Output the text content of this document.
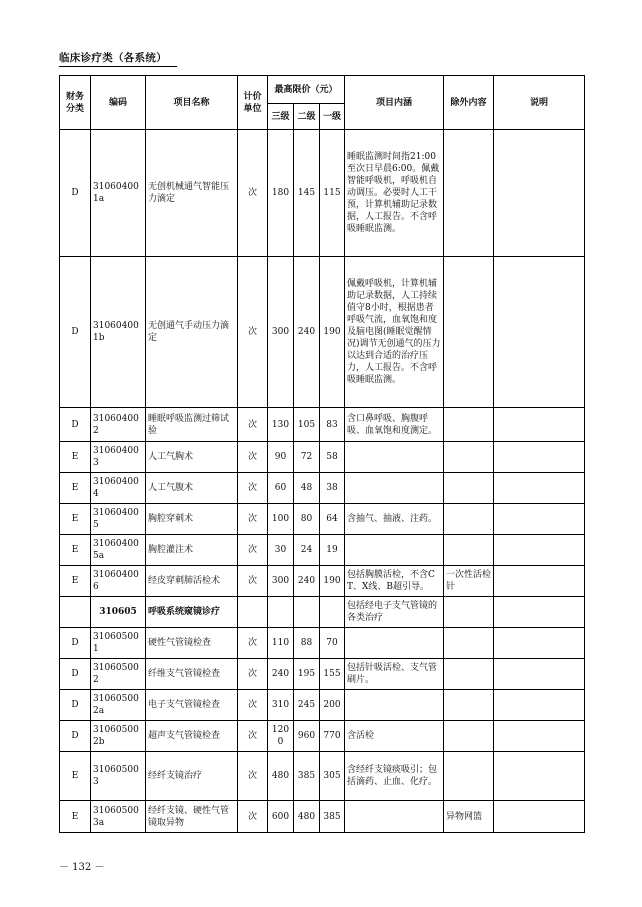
临床诊疗类（各系统）
财务分类	编码	项目名称	计价单位	最高限价（元）			项目内涵	除外内容	说明
				三级	二级	一级			
D	310604001a	无创机械通气智能压力滴定	次	180	145	115	睡眠监测时间指21:00至次日早晨6:00。佩戴智能呼吸机，呼吸机自动调压。必要时人工干预，计算机辅助记录数据，人工报告。不含呼吸睡眠监测。		
D	310604001b	无创通气手动压力滴定	次	300	240	190	佩戴呼吸机，计算机辅助记录数据，人工持续值守8小时，根据患者呼吸气流，血氧饱和度及脑电图(睡眠觉醒情况)调节无创通气的压力以达到合适的治疗压力，人工报告。不含呼吸睡眠监测。		
D	310604002	睡眠呼吸监测过筛试验	次	130	105	83	含口鼻呼吸、胸腹呼吸、血氧饱和度测定。		
E	310604003	人工气胸术	次	90	72	58			
E	310604004	人工气腹术	次	60	48	38			
E	310604005	胸腔穿刺术	次	100	80	64	含抽气、抽液、注药。		
E	310604005a	胸腔灌注术	次	30	24	19			
E	310604006	经皮穿刺肺活检术	次	300	240	190	包括胸膜活检，不含CT、X线、B超引导。	一次性活检针	
	310605	呼吸系统窥镜诊疗					包括经电子支气管镜的各类治疗		
D	310605001	硬性气管镜检查	次	110	88	70			
D	310605002	纤维支气管镜检查	次	240	195	155	包括针吸活检、支气管刷片。		
D	310605002a	电子支气管镜检查	次	310	245	200			
D	310605002b	超声支气管镜检查	次	1200	960	770	含活检		
E	310605003	经纤支镜治疗	次	480	385	305	含经纤支镜痰吸引；包括滴药、止血、化疗。		
E	310605003a	经纤支镜、硬性气管镜取异物	次	600	480	385		异物网篮	
－ 132 －
